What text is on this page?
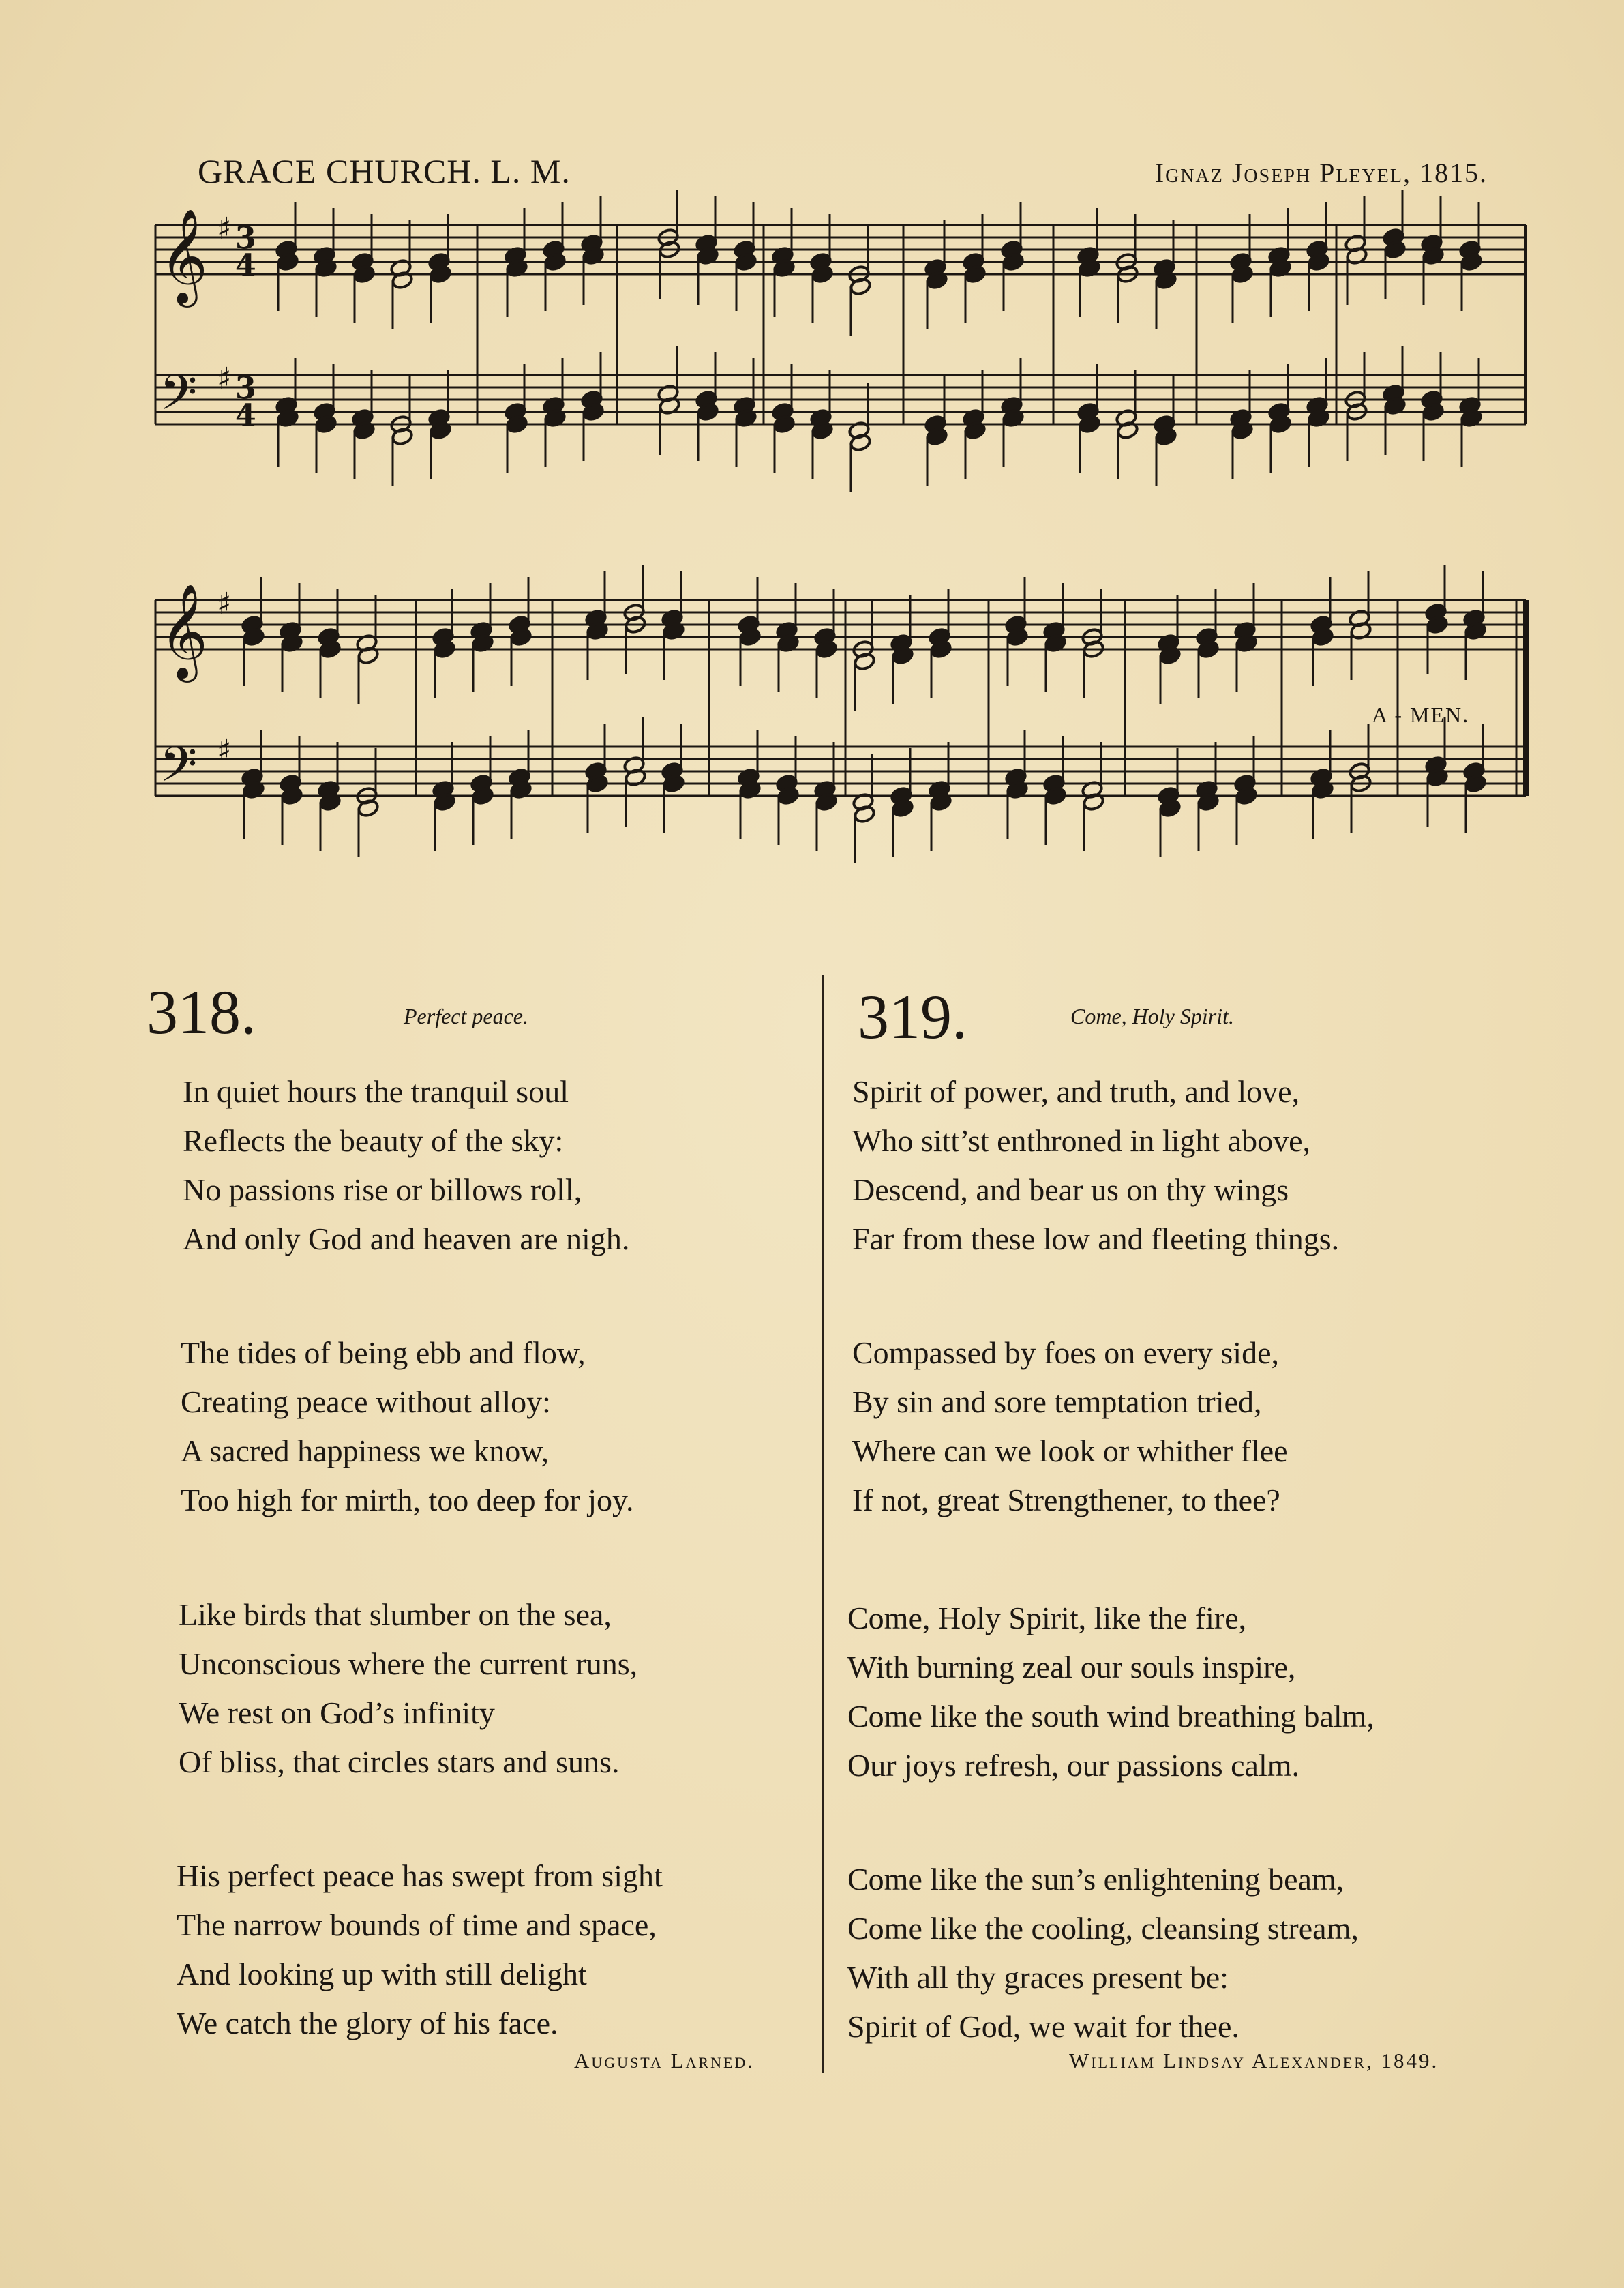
GRACE CHURCH. L. M.	Ignaz Joseph Pleyel, 1815.
𝄞 3
4
♯
𝄢 3
4
♯
𝄞 ♯
𝄢 ♯
A - MEN.
318.	Perfect peace.
In quiet hours the tranquil soul
Reflects the beauty of the sky:
No passions rise or billows roll,
And only God and heaven are nigh.
The tides of being ebb and flow,
Creating peace without alloy:
A sacred happiness we know,
Too high for mirth, too deep for joy.
Like birds that slumber on the sea,
Unconscious where the current runs,
We rest on God’s infinity
Of bliss, that circles stars and suns.
His perfect peace has swept from sight
The narrow bounds of time and space,
And looking up with still delight
We catch the glory of his face.
Augusta Larned.
319.	Come, Holy Spirit.
Spirit of power, and truth, and love,
Who sitt’st enthroned in light above,
Descend, and bear us on thy wings
Far from these low and fleeting things.
Compassed by foes on every side,
By sin and sore temptation tried,
Where can we look or whither flee
If not, great Strengthener, to thee?
Come, Holy Spirit, like the fire,
With burning zeal our souls inspire,
Come like the south wind breathing balm,
Our joys refresh, our passions calm.
Come like the sun’s enlightening beam,
Come like the cooling, cleansing stream,
With all thy graces present be:
Spirit of God, we wait for thee.
William Lindsay Alexander, 1849.
